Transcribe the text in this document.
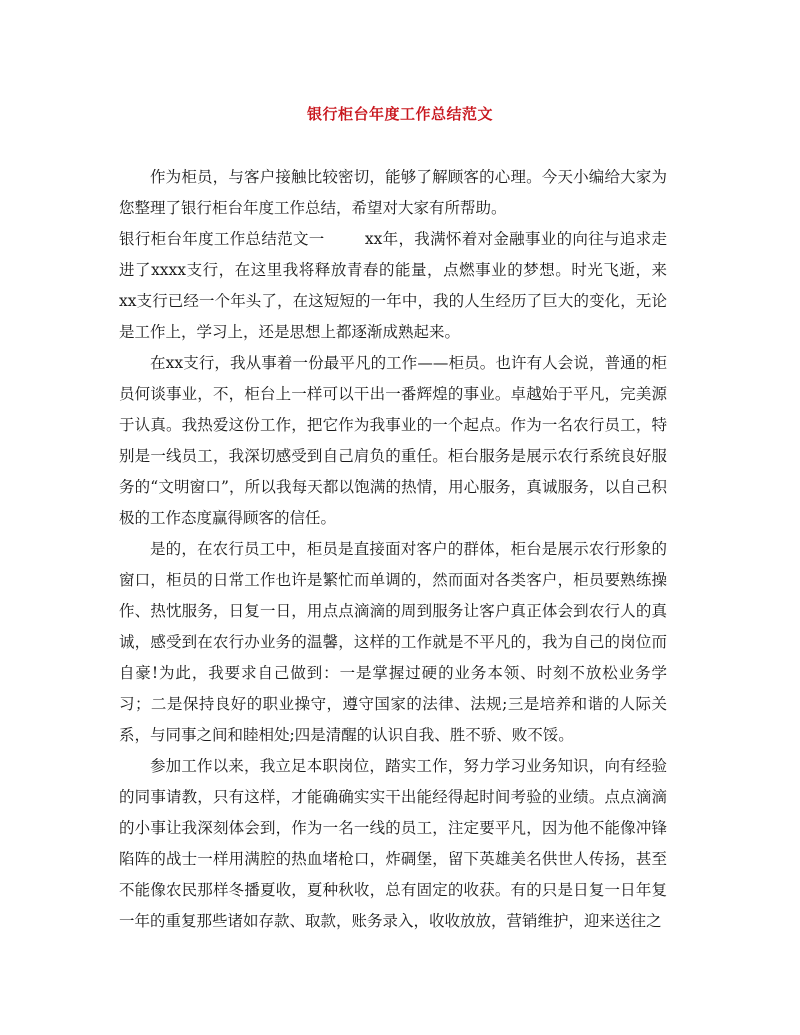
银行柜台年度工作总结范文

作为柜员，与客户接触比较密切，能够了解顾客的心理。今天小编给大家为您整理了银行柜台年度工作总结，希望对大家有所帮助。

银行柜台年度工作总结范文一	xx年，我满怀着对金融事业的向往与追求走进了xxxx支行，在这里我将释放青春的能量，点燃事业的梦想。时光飞逝，来xx支行已经一个年头了，在这短短的一年中，我的人生经历了巨大的变化，无论是工作上，学习上，还是思想上都逐渐成熟起来。

在xx支行，我从事着一份最平凡的工作——柜员。也许有人会说，普通的柜员何谈事业，不，柜台上一样可以干出一番辉煌的事业。卓越始于平凡，完美源于认真。我热爱这份工作，把它作为我事业的一个起点。作为一名农行员工，特别是一线员工，我深切感受到自己肩负的重任。柜台服务是展示农行系统良好服务的“文明窗口”，所以我每天都以饱满的热情，用心服务，真诚服务，以自己积极的工作态度赢得顾客的信任。

是的，在农行员工中，柜员是直接面对客户的群体，柜台是展示农行形象的窗口，柜员的日常工作也许是繁忙而单调的，然而面对各类客户，柜员要熟练操作、热忱服务，日复一日，用点点滴滴的周到服务让客户真正体会到农行人的真诚，感受到在农行办业务的温馨，这样的工作就是不平凡的，我为自己的岗位而自豪!为此，我要求自己做到：一是掌握过硬的业务本领、时刻不放松业务学习；二是保持良好的职业操守，遵守国家的法律、法规;三是培养和谐的人际关系，与同事之间和睦相处;四是清醒的认识自我、胜不骄、败不馁。

参加工作以来，我立足本职岗位，踏实工作，努力学习业务知识，向有经验的同事请教，只有这样，才能确确实实干出能经得起时间考验的业绩。点点滴滴的小事让我深刻体会到，作为一名一线的员工，注定要平凡，因为他不能像冲锋陷阵的战士一样用满腔的热血堵枪口，炸碉堡，留下英雄美名供世人传扬，甚至不能像农民那样冬播夏收，夏种秋收，总有固定的收获。有的只是日复一日年复一年的重复那些诸如存款、取款，账务录入，收收放放，营销维护，迎来送往之
